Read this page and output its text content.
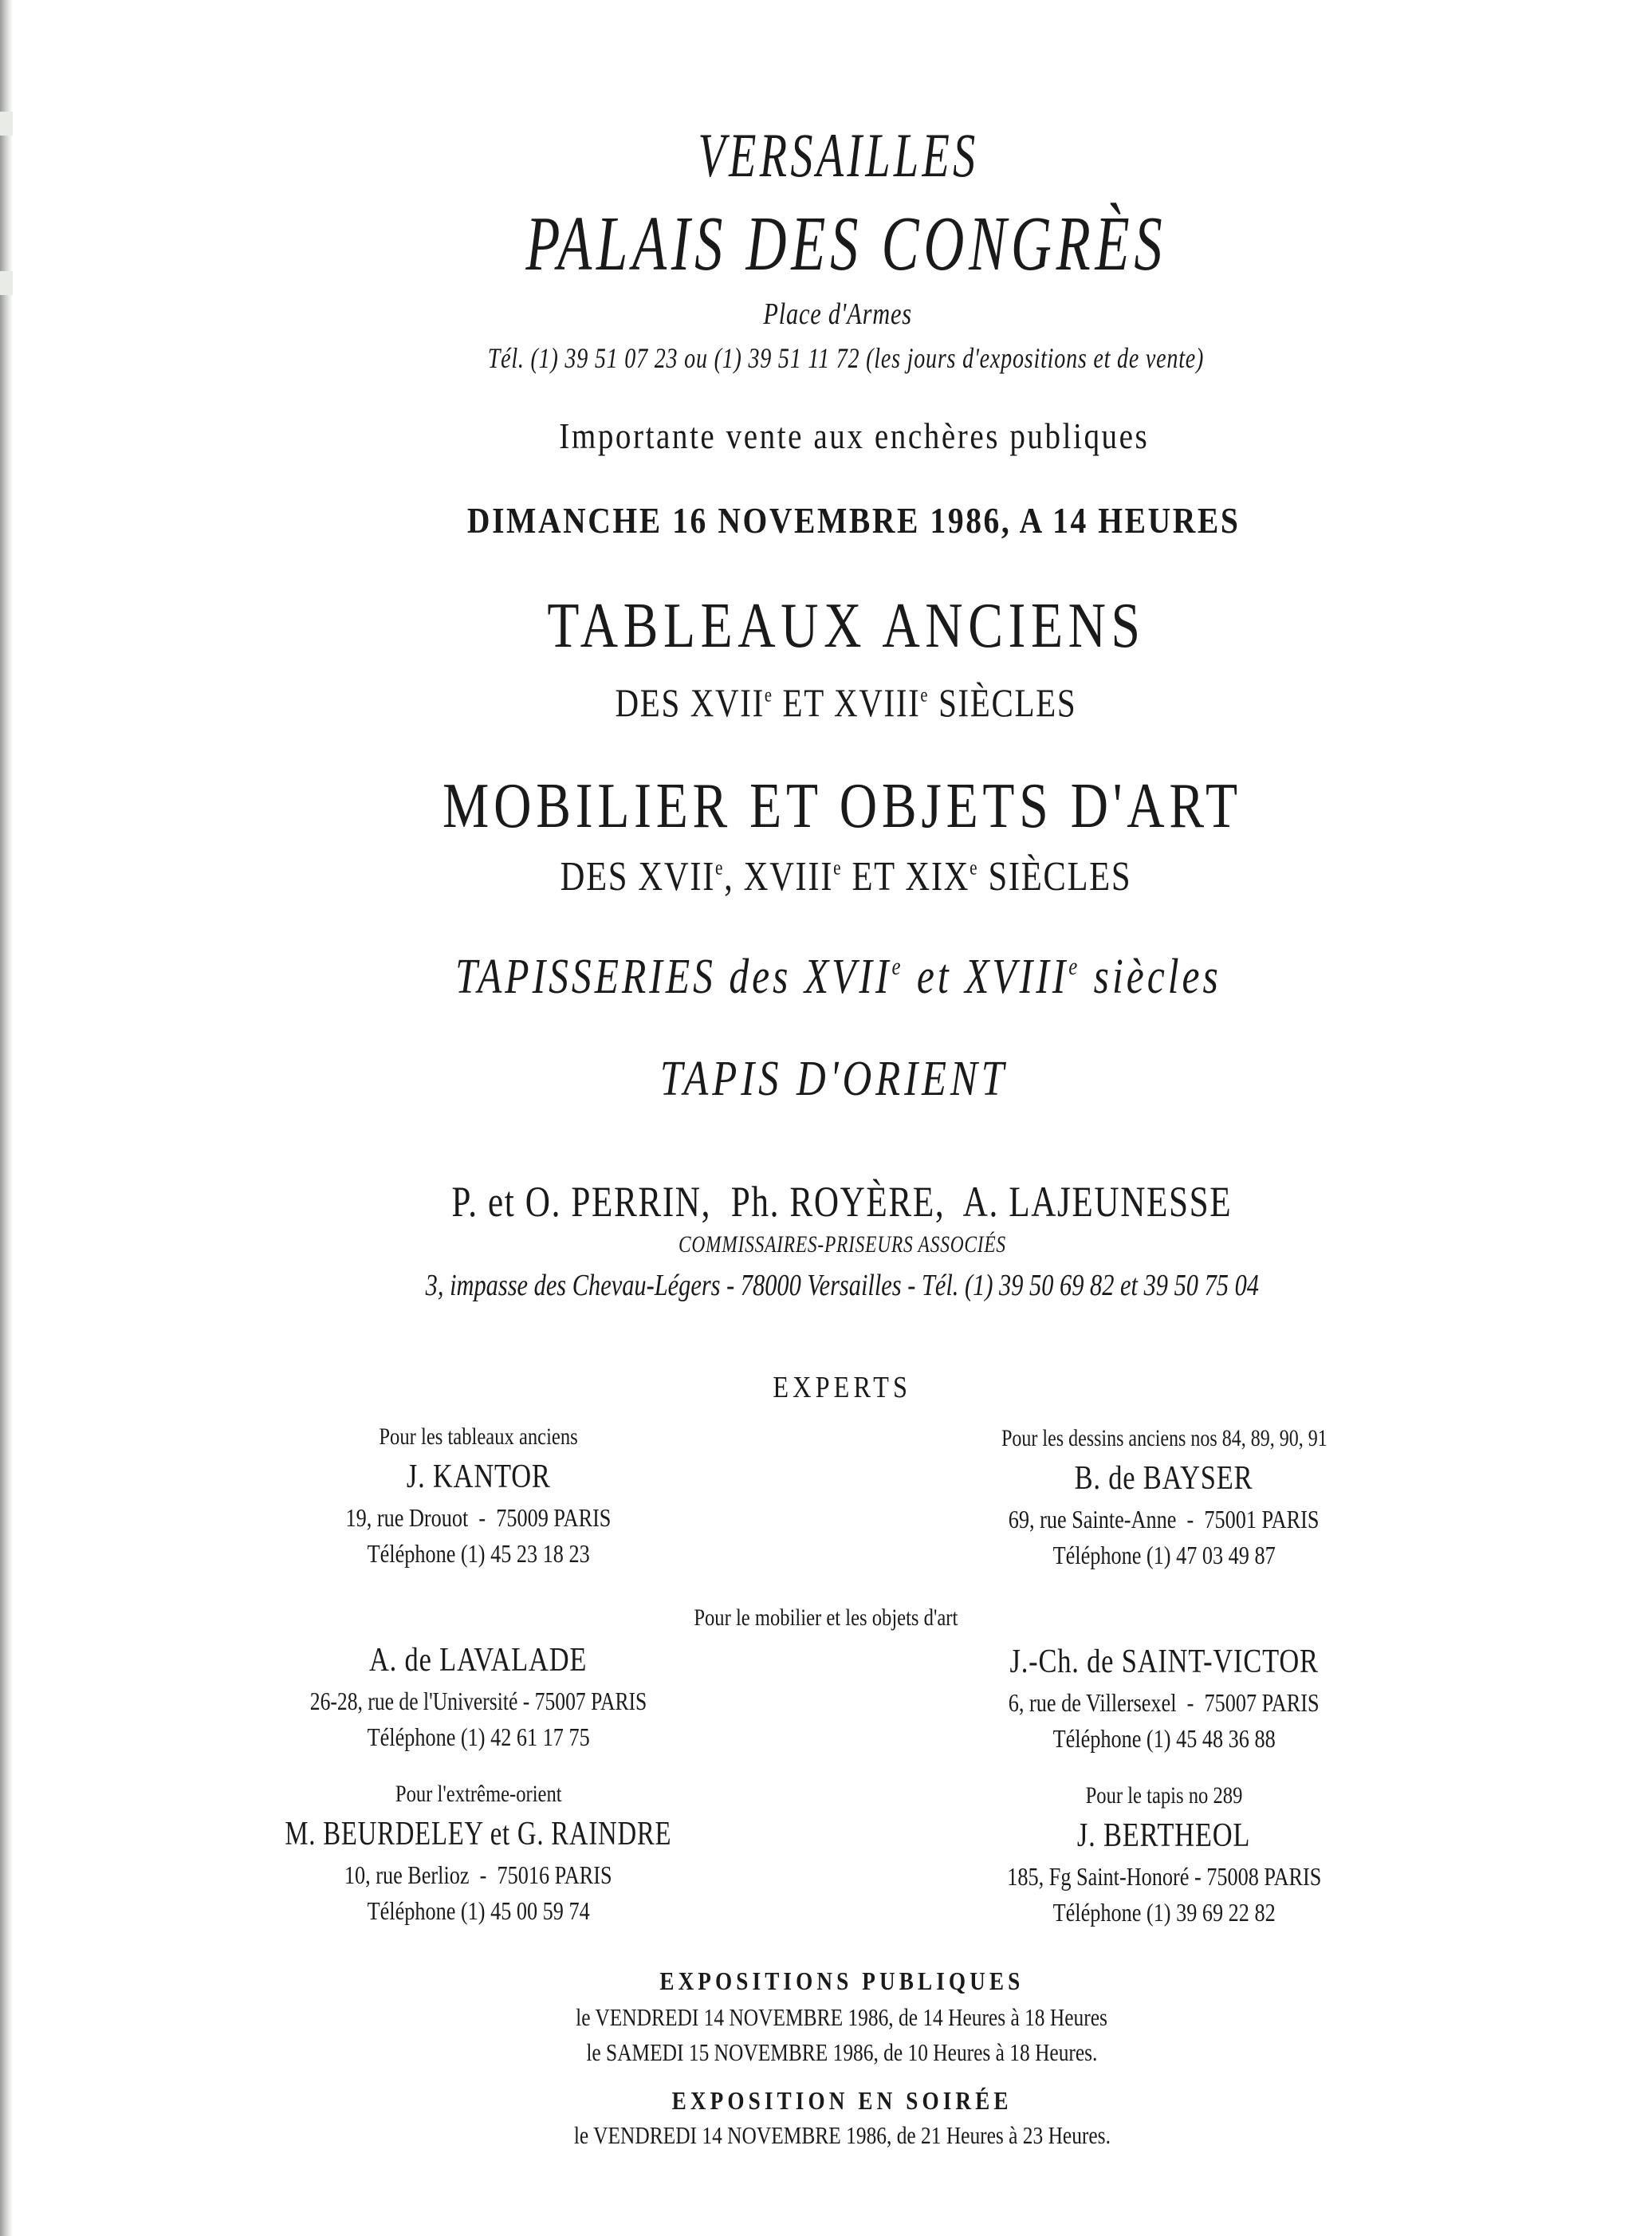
VERSAILLES
PALAIS DES CONGRÈS
Place d'Armes
Tél. (1) 39 51 07 23 ou (1) 39 51 11 72 (les jours d'expositions et de vente)
Importante vente aux enchères publiques
DIMANCHE 16 NOVEMBRE 1986, A 14 HEURES
TABLEAUX ANCIENS
DES XVIIe ET XVIIIe SIÈCLES
MOBILIER ET OBJETS D'ART
DES XVIIe, XVIIIe ET XIXe SIÈCLES
TAPISSERIES des XVIIe et XVIIIe siècles
TAPIS D'ORIENT
P. et O. PERRIN,  Ph. ROYÈRE,  A. LAJEUNESSE
COMMISSAIRES-PRISEURS ASSOCIÉS
3, impasse des Chevau-Légers - 78000 Versailles - Tél. (1) 39 50 69 82 et 39 50 75 04
EXPERTS
Pour les tableaux anciens
J. KANTOR
19, rue Drouot  -  75009 PARIS
Téléphone (1) 45 23 18 23
Pour les dessins anciens nos 84, 89, 90, 91
B. de BAYSER
69, rue Sainte-Anne  -  75001 PARIS
Téléphone (1) 47 03 49 87
Pour le mobilier et les objets d'art
A. de LAVALADE
26-28, rue de l'Université - 75007 PARIS
Téléphone (1) 42 61 17 75
J.-Ch. de SAINT-VICTOR
6, rue de Villersexel  -  75007 PARIS
Téléphone (1) 45 48 36 88
Pour l'extrême-orient
M. BEURDELEY et G. RAINDRE
10, rue Berlioz  -  75016 PARIS
Téléphone (1) 45 00 59 74
Pour le tapis no 289
J. BERTHEOL
185, Fg Saint-Honoré - 75008 PARIS
Téléphone (1) 39 69 22 82
EXPOSITIONS PUBLIQUES
le VENDREDI 14 NOVEMBRE 1986, de 14 Heures à 18 Heures
le SAMEDI 15 NOVEMBRE 1986, de 10 Heures à 18 Heures.
EXPOSITION EN SOIRÉE
le VENDREDI 14 NOVEMBRE 1986, de 21 Heures à 23 Heures.
